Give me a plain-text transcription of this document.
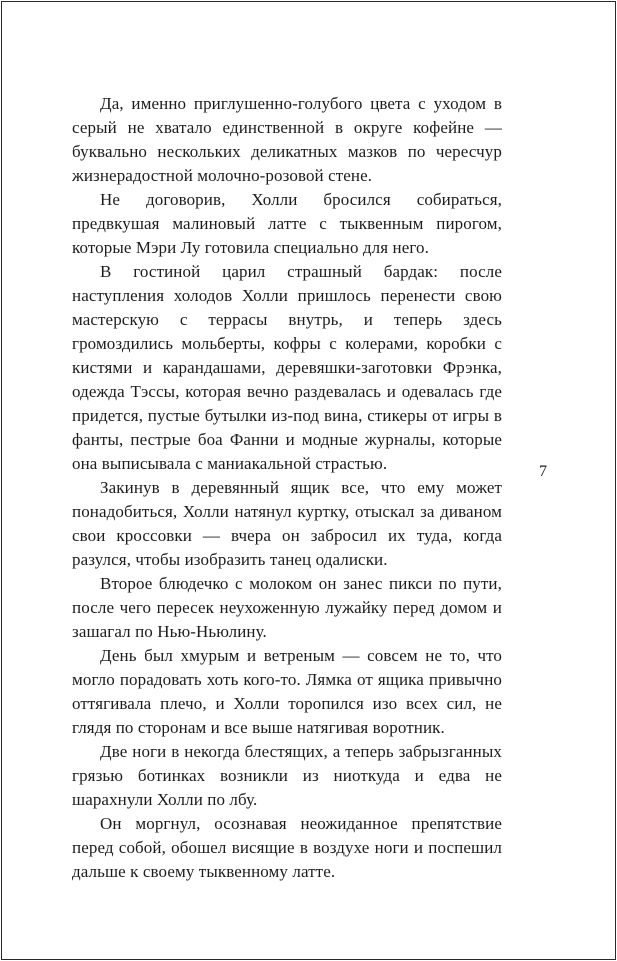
Да, именно приглушенно-голубого цвета с уходом в серый не хватало единственной в округе кофейне — буквально нескольких деликатных мазков по чересчур жизнерадостной молочно-розовой стене.

Не договорив, Холли бросился собираться, предвкушая малиновый латте с тыквенным пирогом, которые Мэри Лу готовила специально для него.

В гостиной царил страшный бардак: после наступления холодов Холли пришлось перенести свою мастерскую с террасы внутрь, и теперь здесь громоздились мольберты, кофры с колерами, коробки с кистями и карандашами, деревяшки-заготовки Фрэнка, одежда Тэссы, которая вечно раздевалась и одевалась где придется, пустые бутылки из-под вина, стикеры от игры в фанты, пестрые боа Фанни и модные журналы, которые она выписывала с маниакальной страстью.

Закинув в деревянный ящик все, что ему может понадобиться, Холли натянул куртку, отыскал за диваном свои кроссовки — вчера он забросил их туда, когда разулся, чтобы изобразить танец одалиски.

Второе блюдечко с молоком он занес пикси по пути, после чего пересек неухоженную лужайку перед домом и зашагал по Нью-Ньюлину.

День был хмурым и ветреным — совсем не то, что могло порадовать хоть кого-то. Лямка от ящика привычно оттягивала плечо, и Холли торопился изо всех сил, не глядя по сторонам и все выше натягивая воротник.

Две ноги в некогда блестящих, а теперь забрызганных грязью ботинках возникли из ниоткуда и едва не шарахнули Холли по лбу.

Он моргнул, осознавая неожиданное препятствие перед собой, обошел висящие в воздухе ноги и поспешил дальше к своему тыквенному латте.

7
